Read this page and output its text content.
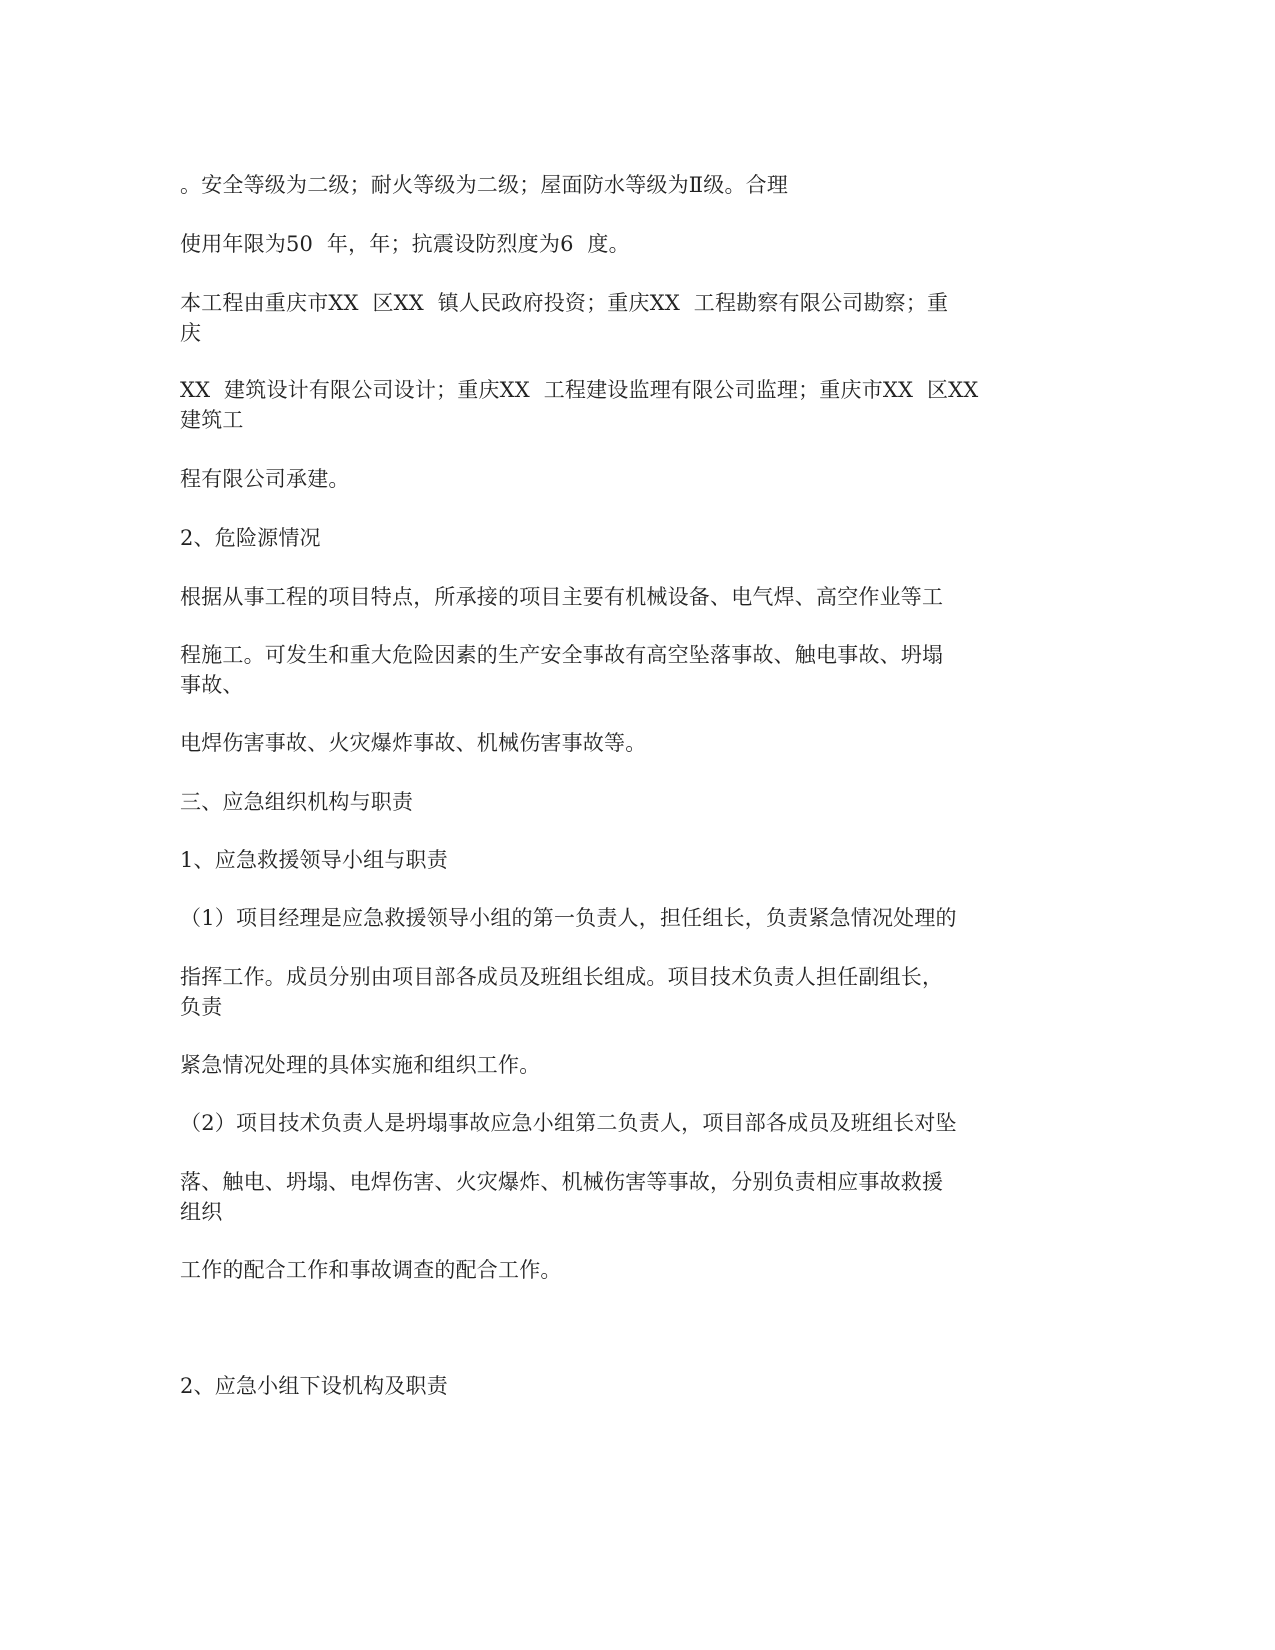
。安全等级为二级；耐火等级为二级；屋面防水等级为Ⅱ级。合理
使用年限为50  年，年；抗震设防烈度为6  度。
本工程由重庆市XX  区XX  镇人民政府投资；重庆XX  工程勘察有限公司勘察；重
庆
XX  建筑设计有限公司设计；重庆XX  工程建设监理有限公司监理；重庆市XX  区XX
建筑工
程有限公司承建。
2、危险源情况
根据从事工程的项目特点，所承接的项目主要有机械设备、电气焊、高空作业等工
程施工。可发生和重大危险因素的生产安全事故有高空坠落事故、触电事故、坍塌
事故、
电焊伤害事故、火灾爆炸事故、机械伤害事故等。
三、应急组织机构与职责
1、应急救援领导小组与职责
（1）项目经理是应急救援领导小组的第一负责人，担任组长，负责紧急情况处理的
指挥工作。成员分别由项目部各成员及班组长组成。项目技术负责人担任副组长，
负责
紧急情况处理的具体实施和组织工作。
（2）项目技术负责人是坍塌事故应急小组第二负责人，项目部各成员及班组长对坠
落、触电、坍塌、电焊伤害、火灾爆炸、机械伤害等事故，分别负责相应事故救援
组织
工作的配合工作和事故调查的配合工作。
2、应急小组下设机构及职责
